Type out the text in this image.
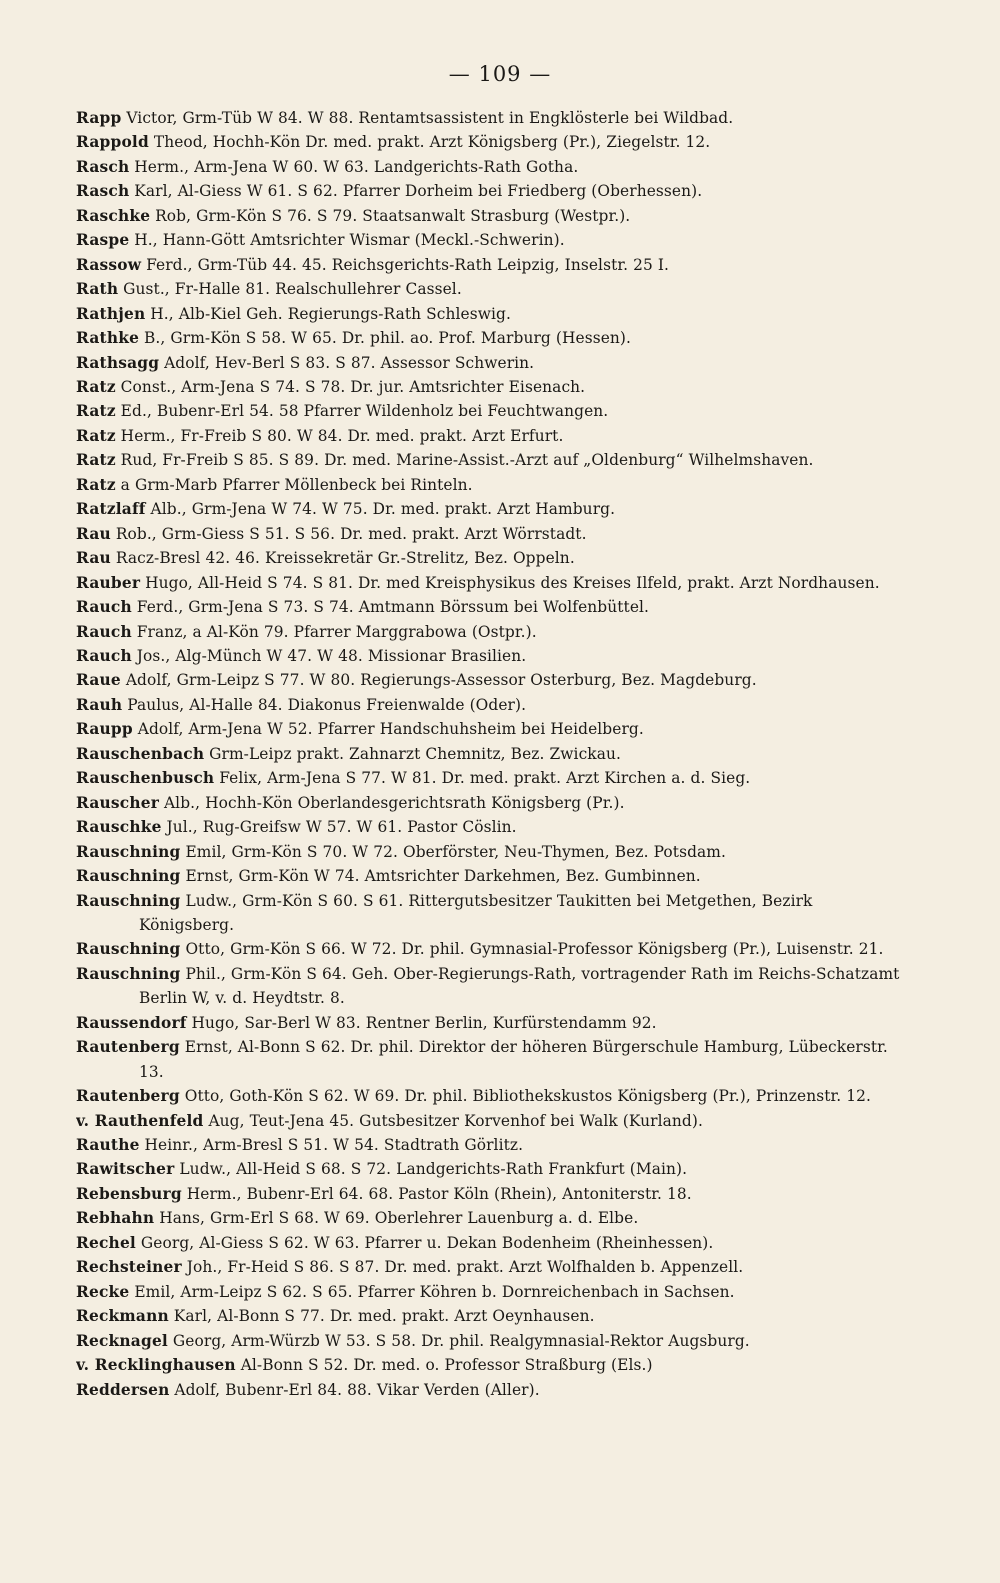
— 109 —
Rapp Victor, Grm-Tüb W 84. W 88. Rentamtsassistent in Engklösterle bei Wildbad.
Rappold Theod, Hochh-Kön Dr. med. prakt. Arzt Königsberg (Pr.), Ziegelstr. 12.
Rasch Herm., Arm-Jena W 60. W 63. Landgerichts-Rath Gotha.
Rasch Karl, Al-Giess W 61. S 62. Pfarrer Dorheim bei Friedberg (Oberhessen).
Raschke Rob, Grm-Kön S 76. S 79. Staatsanwalt Strasburg (Westpr.).
Raspe H., Hann-Gött Amtsrichter Wismar (Meckl.-Schwerin).
Rassow Ferd., Grm-Tüb 44. 45. Reichsgerichts-Rath Leipzig, Inselstr. 25 I.
Rath Gust., Fr-Halle 81. Realschullehrer Cassel.
Rathjen H., Alb-Kiel Geh. Regierungs-Rath Schleswig.
Rathke B., Grm-Kön S 58. W 65. Dr. phil. ao. Prof. Marburg (Hessen).
Rathsagg Adolf, Hev-Berl S 83. S 87. Assessor Schwerin.
Ratz Const., Arm-Jena S 74. S 78. Dr. jur. Amtsrichter Eisenach.
Ratz Ed., Bubenr-Erl 54. 58 Pfarrer Wildenholz bei Feuchtwangen.
Ratz Herm., Fr-Freib S 80. W 84. Dr. med. prakt. Arzt Erfurt.
Ratz Rud, Fr-Freib S 85. S 89. Dr. med. Marine-Assist.-Arzt auf „Oldenburg“ Wilhelmshaven.
Ratz a Grm-Marb Pfarrer Möllenbeck bei Rinteln.
Ratzlaff Alb., Grm-Jena W 74. W 75. Dr. med. prakt. Arzt Hamburg.
Rau Rob., Grm-Giess S 51. S 56. Dr. med. prakt. Arzt Wörrstadt.
Rau Racz-Bresl 42. 46. Kreissekretär Gr.-Strelitz, Bez. Oppeln.
Rauber Hugo, All-Heid S 74. S 81. Dr. med Kreisphysikus des Kreises Ilfeld, prakt. Arzt Nordhausen.
Rauch Ferd., Grm-Jena S 73. S 74. Amtmann Börssum bei Wolfenbüttel.
Rauch Franz, a Al-Kön 79. Pfarrer Marggrabowa (Ostpr.).
Rauch Jos., Alg-Münch W 47. W 48. Missionar Brasilien.
Raue Adolf, Grm-Leipz S 77. W 80. Regierungs-Assessor Osterburg, Bez. Magdeburg.
Rauh Paulus, Al-Halle 84. Diakonus Freienwalde (Oder).
Raupp Adolf, Arm-Jena W 52. Pfarrer Handschuhsheim bei Heidelberg.
Rauschenbach Grm-Leipz prakt. Zahnarzt Chemnitz, Bez. Zwickau.
Rauschenbusch Felix, Arm-Jena S 77. W 81. Dr. med. prakt. Arzt Kirchen a. d. Sieg.
Rauscher Alb., Hochh-Kön Oberlandesgerichtsrath Königsberg (Pr.).
Rauschke Jul., Rug-Greifsw W 57. W 61. Pastor Cöslin.
Rauschning Emil, Grm-Kön S 70. W 72. Oberförster, Neu-Thymen, Bez. Potsdam.
Rauschning Ernst, Grm-Kön W 74. Amtsrichter Darkehmen, Bez. Gumbinnen.
Rauschning Ludw., Grm-Kön S 60. S 61. Rittergutsbesitzer Taukitten bei Metgethen, Bezirk Königsberg.
Rauschning Otto, Grm-Kön S 66. W 72. Dr. phil. Gymnasial-Professor Königsberg (Pr.), Luisenstr. 21.
Rauschning Phil., Grm-Kön S 64. Geh. Ober-Regierungs-Rath, vortragender Rath im Reichs-Schatzamt Berlin W, v. d. Heydtstr. 8.
Raussendorf Hugo, Sar-Berl W 83. Rentner Berlin, Kurfürstendamm 92.
Rautenberg Ernst, Al-Bonn S 62. Dr. phil. Direktor der höheren Bürgerschule Hamburg, Lübeckerstr. 13.
Rautenberg Otto, Goth-Kön S 62. W 69. Dr. phil. Bibliothekskustos Königsberg (Pr.), Prinzenstr. 12.
v. Rauthenfeld Aug, Teut-Jena 45. Gutsbesitzer Korvenhof bei Walk (Kurland).
Rauthe Heinr., Arm-Bresl S 51. W 54. Stadtrath Görlitz.
Rawitscher Ludw., All-Heid S 68. S 72. Landgerichts-Rath Frankfurt (Main).
Rebensburg Herm., Bubenr-Erl 64. 68. Pastor Köln (Rhein), Antoniterstr. 18.
Rebhahn Hans, Grm-Erl S 68. W 69. Oberlehrer Lauenburg a. d. Elbe.
Rechel Georg, Al-Giess S 62. W 63. Pfarrer u. Dekan Bodenheim (Rheinhessen).
Rechsteiner Joh., Fr-Heid S 86. S 87. Dr. med. prakt. Arzt Wolfhalden b. Appenzell.
Recke Emil, Arm-Leipz S 62. S 65. Pfarrer Köhren b. Dornreichenbach in Sachsen.
Reckmann Karl, Al-Bonn S 77. Dr. med. prakt. Arzt Oeynhausen.
Recknagel Georg, Arm-Würzb W 53. S 58. Dr. phil. Realgymnasial-Rektor Augsburg.
v. Recklinghausen Al-Bonn S 52. Dr. med. o. Professor Straßburg (Els.)
Reddersen Adolf, Bubenr-Erl 84. 88. Vikar Verden (Aller).
